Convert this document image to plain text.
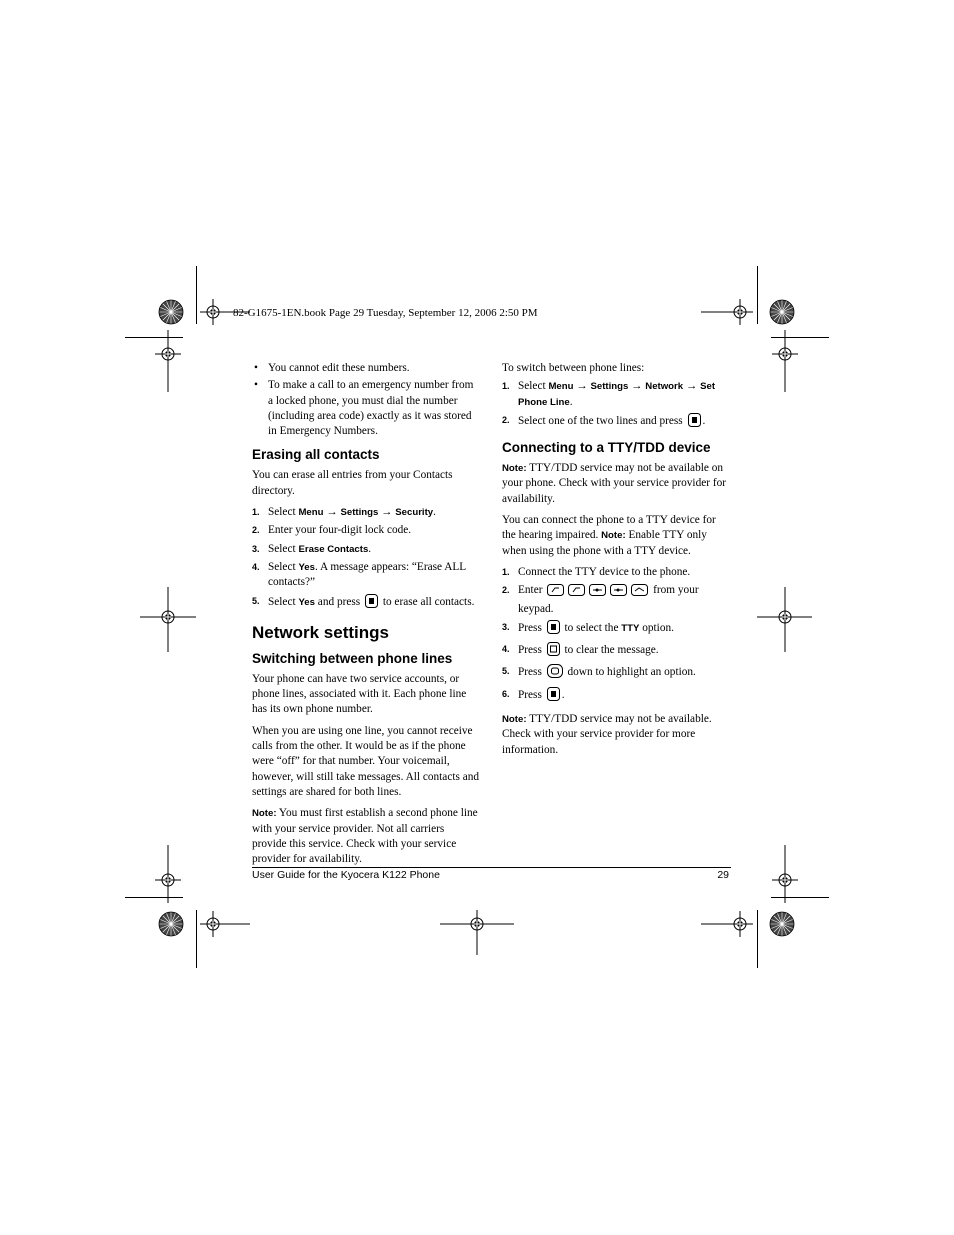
82-G1675-1EN.book Page 29 Tuesday, September 12, 2006 2:50 PM
• You cannot edit these numbers.
• To make a call to an emergency number from a locked phone, you must dial the number (including area code) exactly as it was stored in Emergency Numbers.
Erasing all contacts

You can erase all entries from your Contacts directory.

1. Select Menu → Settings → Security.
2. Enter your four-digit lock code.
3. Select Erase Contacts.
4. Select Yes. A message appears: “Erase ALL contacts?”
5. Select Yes and press  to erase all contacts.
Network settings
Switching between phone lines

Your phone can have two service accounts, or phone lines, associated with it. Each phone line has its own phone number.

When you are using one line, you cannot receive calls from the other. It would be as if the phone were “off” for that number. Your voicemail, however, will still take messages. All contacts and settings are shared for both lines.

Note: You must first establish a second phone line with your service provider. Not all carriers provide this service. Check with your service provider for availability.

To switch between phone lines:

1. Select Menu → Settings → Network → Set Phone Line.
2. Select one of the two lines and press .
Connecting to a TTY/TDD device

Note: TTY/TDD service may not be available on your phone. Check with your service provider for availability.

You can connect the phone to a TTY device for the hearing impaired. Note: Enable TTY only when using the phone with a TTY device.

1. Connect the TTY device to the phone.
2. Enter	from your keypad.
3. Press  to select the TTY option.
4. Press  to clear the message.
5. Press  down to highlight an option.
6. Press .

Note: TTY/TDD service may not be available. Check with your service provider for more information.

User Guide for the Kyocera K122 Phone	29
